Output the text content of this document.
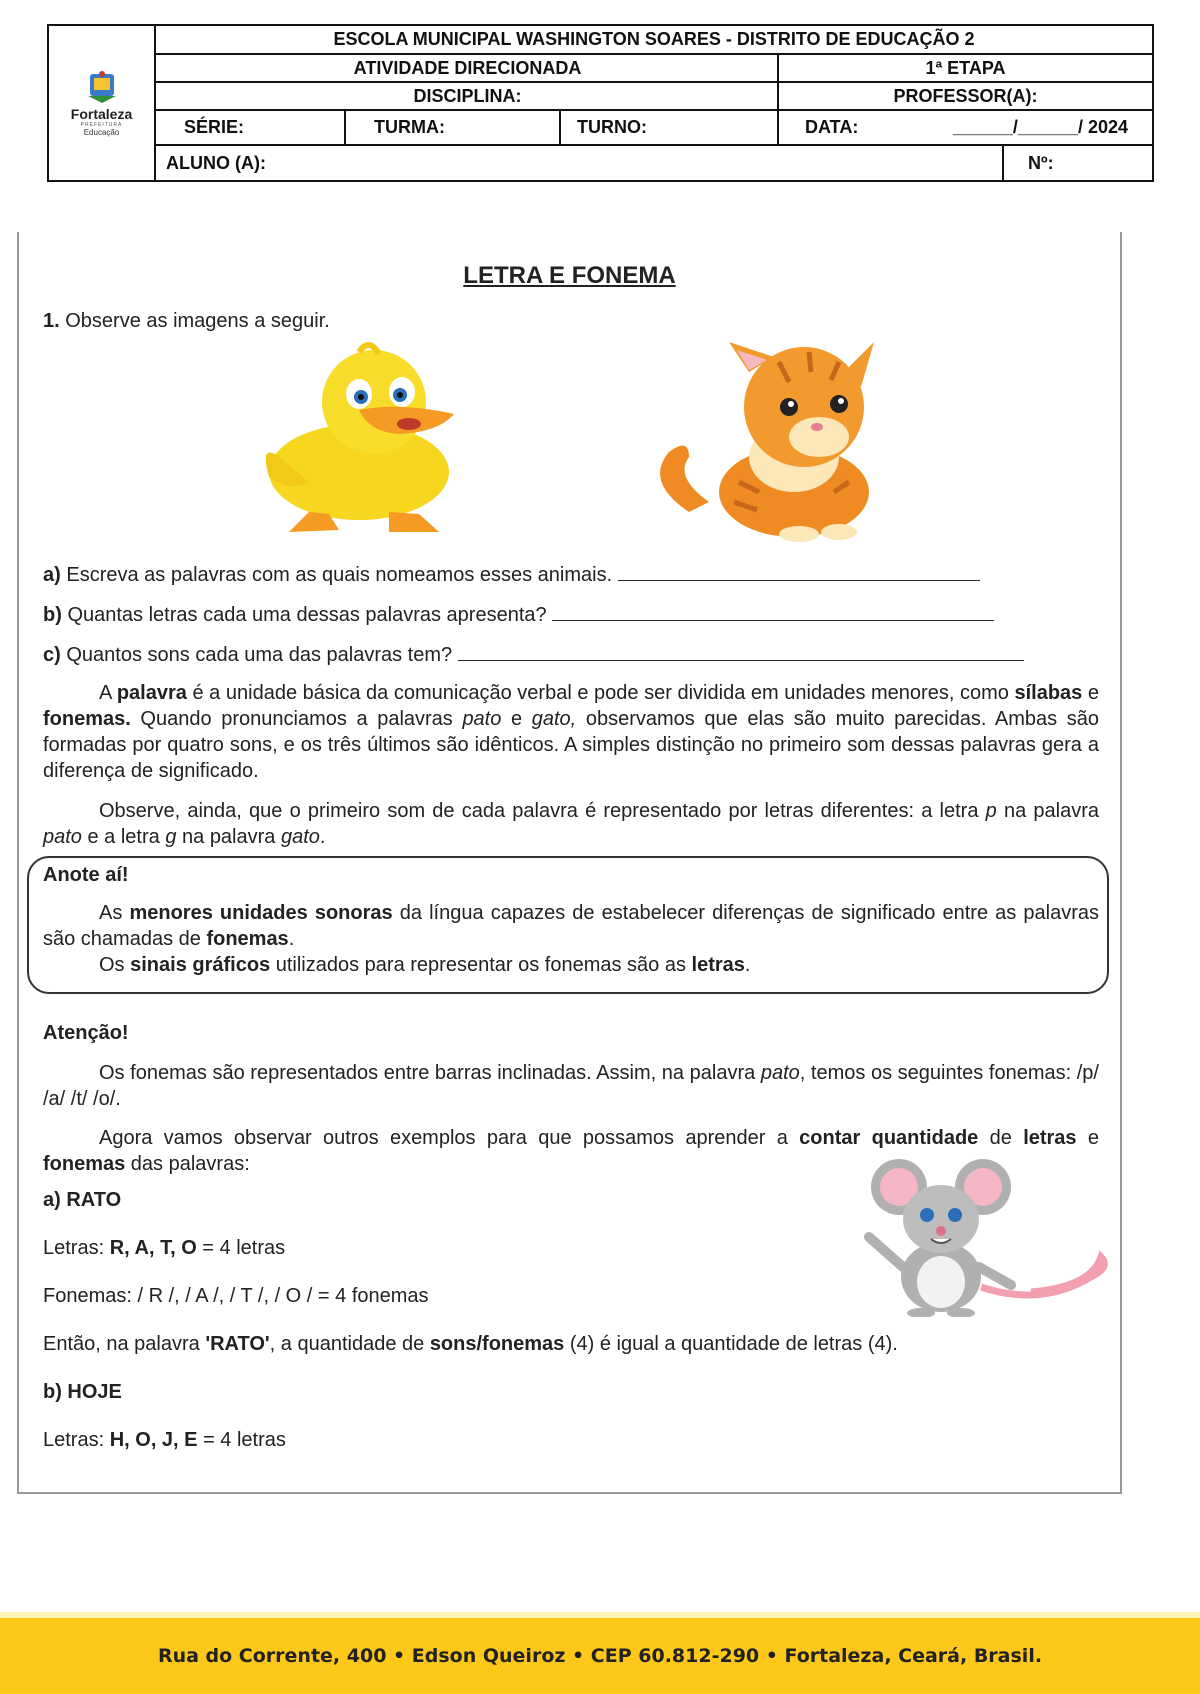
Fortaleza
PREFEITURA
Educação
ESCOLA MUNICIPAL WASHINGTON SOARES - DISTRITO DE EDUCAÇÃO 2
ATIVIDADE DIRECIONADA	1ª ETAPA
DISCIPLINA:	PROFESSOR(A):
SÉRIE:	TURMA:	TURNO:	DATA:	______/______/ 2024
ALUNO (A):	Nº:
LETRA E FONEMA
1. Observe as imagens a seguir.
a) Escreva as palavras com as quais nomeamos esses animais.
b) Quantas letras cada uma dessas palavras apresenta?
c) Quantos sons cada uma das palavras tem?
A palavra é a unidade básica da comunicação verbal e pode ser dividida em unidades menores, como sílabas e fonemas. Quando pronunciamos a palavras pato e gato, observamos que elas são muito parecidas. Ambas são formadas por quatro sons, e os três últimos são idênticos. A simples distinção no primeiro som dessas palavras gera a diferença de significado.
Observe, ainda, que o primeiro som de cada palavra é representado por letras diferentes: a letra p na palavra pato e a letra g na palavra gato.
Anote aí!
As menores unidades sonoras da língua capazes de estabelecer diferenças de significado entre as palavras são chamadas de fonemas.
Os sinais gráficos utilizados para representar os fonemas são as letras.
Atenção!
Os fonemas são representados entre barras inclinadas. Assim, na palavra pato, temos os seguintes fonemas: /p/ /a/ /t/ /o/.
Agora vamos observar outros exemplos para que possamos aprender a contar quantidade de letras e fonemas das palavras:
a) RATO
Letras: R, A, T, O = 4 letras
Fonemas: / R /, / A /, / T /, / O / = 4 fonemas
Então, na palavra 'RATO', a quantidade de sons/fonemas (4) é igual a quantidade de letras (4).
b) HOJE
Letras: H, O, J, E = 4 letras
Rua do Corrente, 400 • Edson Queiroz • CEP 60.812-290 • Fortaleza, Ceará, Brasil.
